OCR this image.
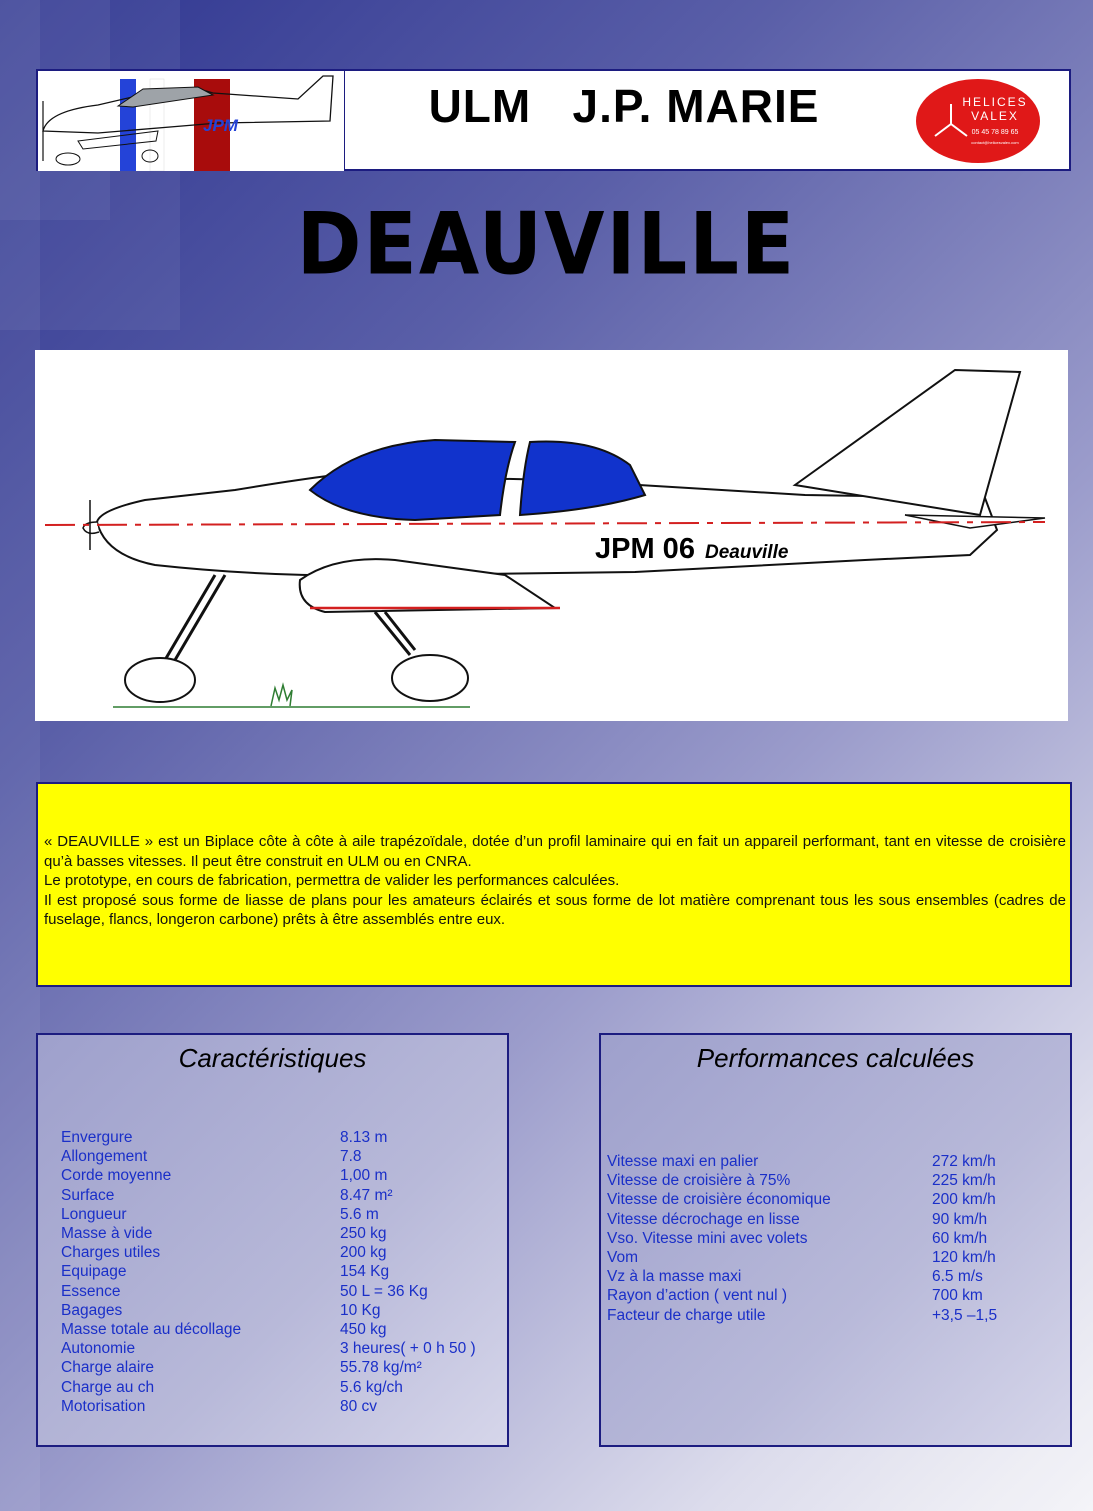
JPM	ULM   J.P. MARIE	HELICES
VALEX
05 45 78 89 65
contact@helicesvalex.com
DEAUVILLE
JPM 06 Deauville

« DEAUVILLE » est un Biplace côte à côte à aile trapézoïdale, dotée d’un profil laminaire qui en fait un appareil performant, tant en vitesse de croisière qu’à basses vitesses. Il peut être construit en ULM ou en CNRA.

Le prototype, en cours de fabrication, permettra de valider les performances calculées.

Il est proposé sous forme de liasse de plans pour les amateurs éclairés et sous forme de lot matière comprenant tous les sous ensembles (cadres de fuselage, flancs, longeron carbone) prêts à être assemblés entre eux.

Caractéristiques
Envergure	8.13 m
Allongement	7.8
Corde moyenne	1,00 m
Surface	8.47 m²
Longueur	5.6 m
Masse à vide	250 kg
Charges utiles	200 kg
Equipage	154 Kg
Essence	50 L = 36 Kg
Bagages	10 Kg
Masse totale au décollage	450 kg
Autonomie	3 heures( + 0 h 50 )
Charge alaire	55.78 kg/m²
Charge au ch	5.6 kg/ch
Motorisation	80 cv
Performances calculées
Vitesse maxi en palier	272 km/h
Vitesse de croisière à 75%	225 km/h
Vitesse de croisière économique	200 km/h
Vitesse décrochage en lisse	90 km/h
Vso. Vitesse mini avec volets	60 km/h
Vom	120 km/h
Vz à la masse maxi	6.5 m/s
Rayon d’action ( vent nul )	700 km
Facteur de charge utile	+3,5 –1,5
